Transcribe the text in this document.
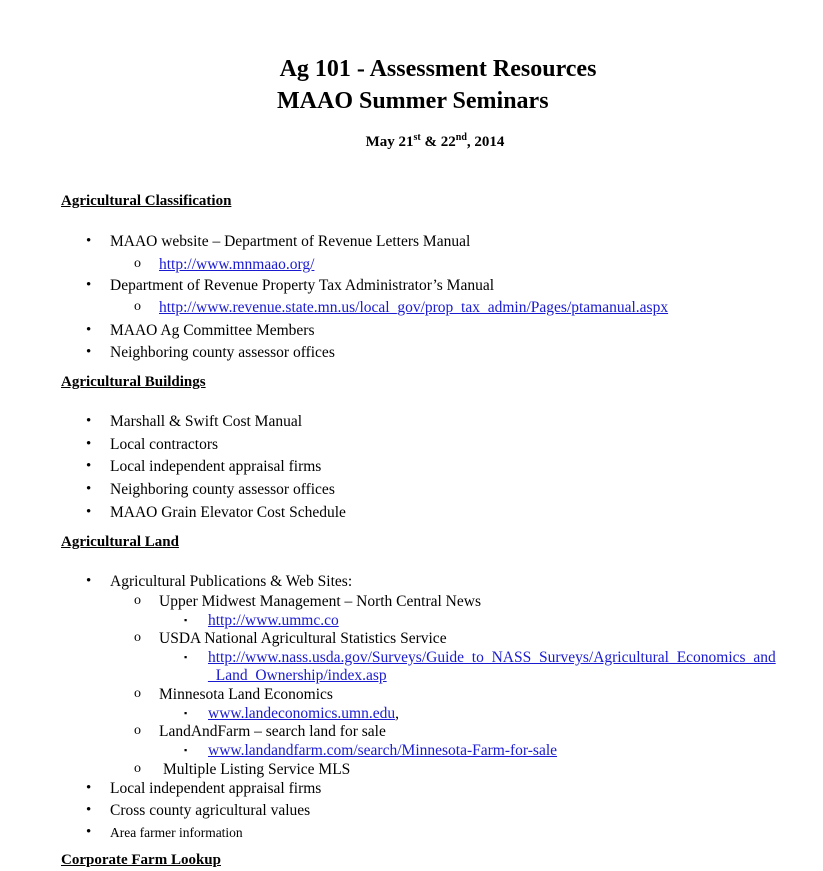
Ag 101 - Assessment Resources
MAAO Summer Seminars
May 21st & 22nd, 2014
Agricultural Classification
• MAAO website – Department of Revenue Letters Manual
o http://www.mnmaao.org/
• Department of Revenue Property Tax Administrator’s Manual
o http://www.revenue.state.mn.us/local_gov/prop_tax_admin/Pages/ptamanual.aspx
• MAAO Ag Committee Members
• Neighboring county assessor offices
Agricultural Buildings
• Marshall & Swift Cost Manual
• Local contractors
• Local independent appraisal firms
• Neighboring county assessor offices
• MAAO Grain Elevator Cost Schedule
Agricultural Land
• Agricultural Publications & Web Sites:
o Upper Midwest Management – North Central News
▪ http://www.ummc.co
o USDA National Agricultural Statistics Service
▪ http://www.nass.usda.gov/Surveys/Guide_to_NASS_Surveys/Agricultural_Economics_and
_Land_Ownership/index.asp
o Minnesota Land Economics
▪ www.landeconomics.umn.edu,
o LandAndFarm – search land for sale
▪ www.landandfarm.com/search/Minnesota-Farm-for-sale
o Multiple Listing Service MLS
• Local independent appraisal firms
• Cross county agricultural values
• Area farmer information
Corporate Farm Lookup
